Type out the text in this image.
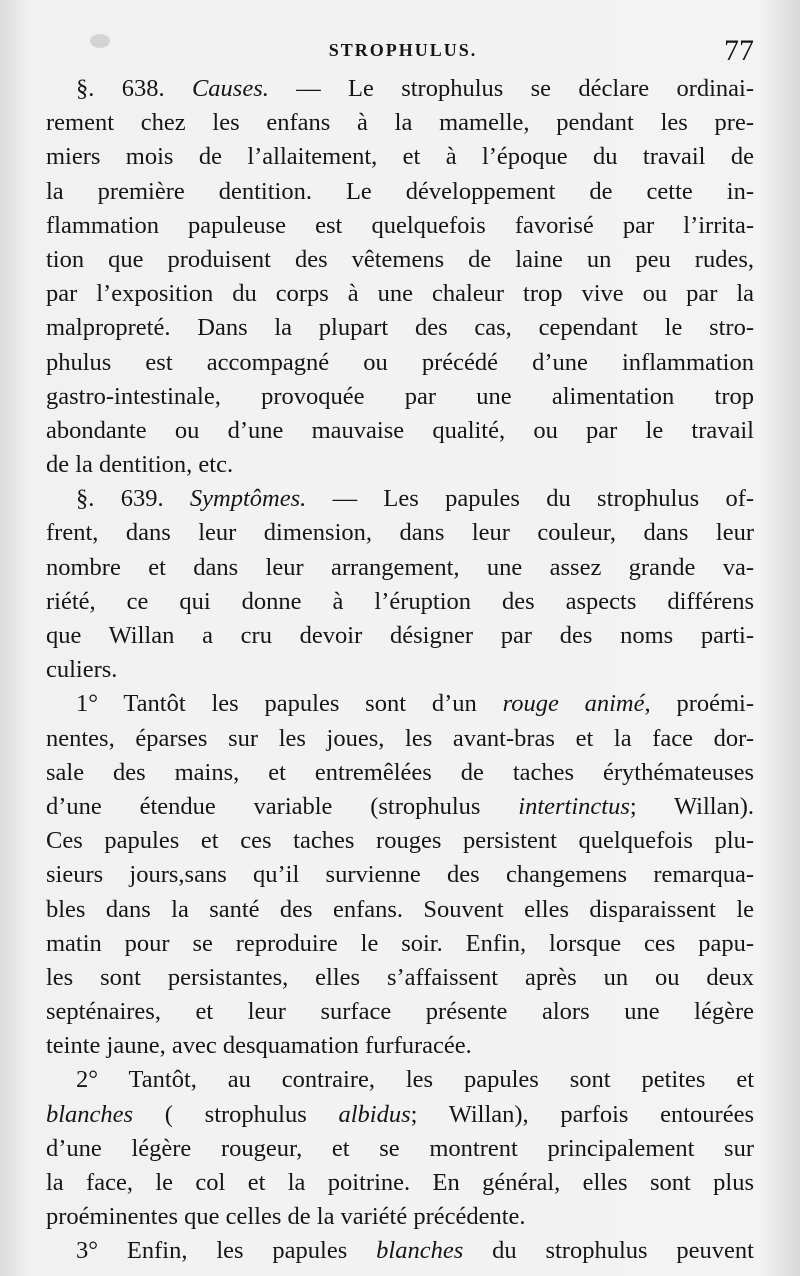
STROPHULUS.	77
§. 638. Causes. — Le strophulus se déclare ordinai-
rement chez les enfans à la mamelle, pendant les pre-
miers mois de l’allaitement, et à l’époque du travail de
la première dentition. Le développement de cette in-
flammation papuleuse est quelquefois favorisé par l’irrita-
tion que produisent des vêtemens de laine un peu rudes,
par l’exposition du corps à une chaleur trop vive ou par la
malpropreté. Dans la plupart des cas, cependant le stro-
phulus est accompagné ou précédé d’une inflammation
gastro-intestinale, provoquée par une alimentation trop
abondante ou d’une mauvaise qualité, ou par le travail
de la dentition, etc.
§. 639. Symptômes. — Les papules du strophulus of-
frent, dans leur dimension, dans leur couleur, dans leur
nombre et dans leur arrangement, une assez grande va-
riété, ce qui donne à l’éruption des aspects différens
que Willan a cru devoir désigner par des noms parti-
culiers.
1° Tantôt les papules sont d’un rouge animé, proémi-
nentes, éparses sur les joues, les avant-bras et la face dor-
sale des mains, et entremêlées de taches érythémateuses
d’une étendue variable (strophulus intertinctus; Willan).
Ces papules et ces taches rouges persistent quelquefois plu-
sieurs jours,sans qu’il survienne des changemens remarqua-
bles dans la santé des enfans. Souvent elles disparaissent le
matin pour se reproduire le soir. Enfin, lorsque ces papu-
les sont persistantes, elles s’affaissent après un ou deux
septénaires, et leur surface présente alors une légère
teinte jaune, avec desquamation furfuracée.
2° Tantôt, au contraire, les papules sont petites et
blanches ( strophulus albidus; Willan), parfois entourées
d’une légère rougeur, et se montrent principalement sur
la face, le col et la poitrine. En général, elles sont plus
proéminentes que celles de la variété précédente.
3° Enfin, les papules blanches du strophulus peuvent
